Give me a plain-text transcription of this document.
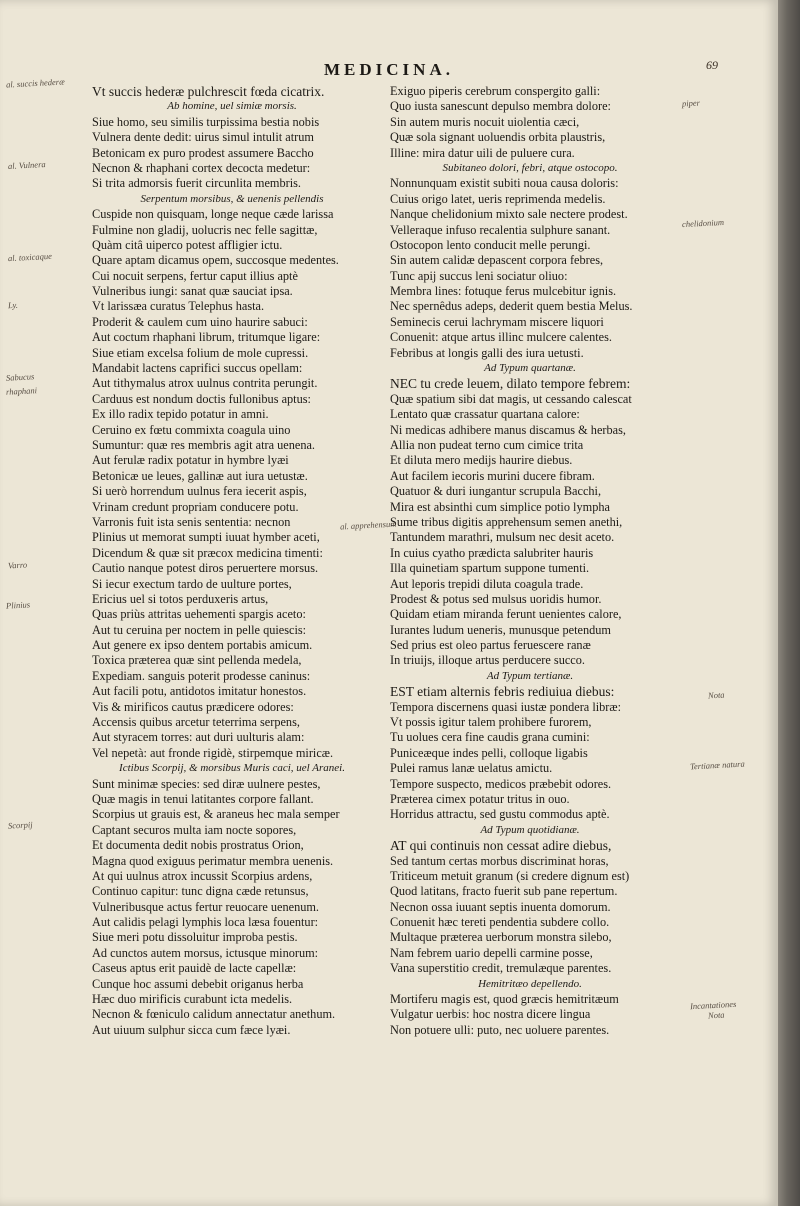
MEDICINA.	69
Vt succis hederæ pulchrescit fœda cicatrix.
Ab homine, uel simiæ morsis.
Siue homo, seu similis turpissima bestia nobis
Vulnera dente dedit: uirus simul intulit atrum
Betonicam ex puro prodest assumere Baccho
Necnon & rhaphani cortex decocta medetur:
Si trita admorsis fuerit circunlita membris.
Serpentum morsibus, & uenenis pellendis
Cuspide non quisquam, longe neque cæde larissa
Fulmine non gladij, uolucris nec felle sagittæ,
Quàm citâ uiperco potest affligier ictu.
Quare aptam dicamus opem, succosque medentes.
Cui nocuit serpens, fertur caput illius aptè
Vulneribus iungi: sanat quæ sauciat ipsa.
Vt larissæa curatus Telephus hasta.
Proderit & caulem cum uino haurire sabuci:
Aut coctum rhaphani librum, tritumque ligare:
Siue etiam excelsa folium de mole cupressi.
Mandabit lactens caprifici succus opellam:
Aut tithymalus atrox uulnus contrita perungit.
Carduus est nondum doctis fullonibus aptus:
Ex illo radix tepido potatur in amni.
Ceruino ex fœtu commixta coagula uino
Sumuntur: quæ res membris agit atra uenena.
Aut ferulæ radix potatur in hymbre lyæi
Betonicæ ue leues, gallinæ aut iura uetustæ.
Si uerò horrendum uulnus fera iecerit aspis,
Vrinam credunt propriam conducere potu.
Varronis fuit ista senis sententia: necnon
Plinius ut memorat sumpti iuuat hymber aceti,
Dicendum & quæ sit præcox medicina timenti:
Cautio nanque potest diros peruertere morsus.
Si iecur exectum tardo de uulture portes,
Ericius uel si totos perduxeris artus,
Quas priùs attritas uehementi spargis aceto:
Aut tu ceruina per noctem in pelle quiescis:
Aut genere ex ipso dentem portabis amicum.
Toxica præterea quæ sint pellenda medela,
Expediam. sanguis poterit prodesse caninus:
Aut facili potu, antidotos imitatur honestos.
Vis & mirificos cautus prædicere odores:
Accensis quibus arcetur teterrima serpens,
Aut styracem torres: aut duri uulturis alam:
Vel nepetà: aut fronde rigidè, stirpemque miricæ.
Ictibus Scorpij, & morsibus Muris caci, uel Aranei.
Sunt minimæ species: sed diræ uulnere pestes,
Quæ magis in tenui latitantes corpore fallant.
Scorpius ut grauis est, & araneus hec mala semper
Captant securos multa iam nocte sopores,
Et documenta dedit nobis prostratus Orion,
Magna quod exiguus perimatur membra uenenis.
At qui uulnus atrox incussit Scorpius ardens,
Continuo capitur: tunc digna cæde retunsus,
Vulneribusque actus fertur reuocare uenenum.
Aut calidis pelagi lymphis loca læsa fouentur:
Siue meri potu dissoluitur improba pestis.
Ad cunctos autem morsus, ictusque minorum:
Caseus aptus erit pauidè de lacte capellæ:
Cunque hoc assumi debebit origanus herba
Hæc duo mirificis curabunt icta medelis.
Necnon & fœniculo calidum annectatur anethum.
Aut uiuum sulphur sicca cum fæce lyæi.
Exiguo piperis cerebrum conspergito galli:
Quo iusta sanescunt depulso membra dolore:
Sin autem muris nocuit uiolentia cæci,
Quæ sola signant uoluendis orbita plaustris,
Illine: mira datur uili de puluere cura.
Subitaneo dolori, febri, atque ostocopo.
Nonnunquam existit subiti noua causa doloris:
Cuius origo latet, ueris reprimenda medelis.
Nanque chelidonium mixto sale nectere prodest.
Velleraque infuso recalentia sulphure sanant.
Ostocopon lento conducit melle perungi.
Sin autem calidæ depascent corpora febres,
Tunc apij succus leni sociatur oliuo:
Membra lines: fotuque ferus mulcebitur ignis.
Nec spernêdus adeps, dederit quem bestia Melus.
Seminecis cerui lachrymam miscere liquori
Conuenit: atque artus illinc mulcere calentes.
Febribus at longis galli des iura uetusti.
Ad Typum quartanæ.
NEC tu crede leuem, dilato tempore febrem:
Quæ spatium sibi dat magis, ut cessando calescat
Lentato quæ crassatur quartana calore:
Ni medicas adhibere manus discamus & herbas,
Allia non pudeat terno cum cimice trita
Et diluta mero medijs haurire diebus.
Aut facilem iecoris murini ducere fibram.
Quatuor & duri iungantur scrupula Bacchi,
Mira est absinthi cum simplice potio lympha
Sume tribus digitis apprehensum semen anethi,
Tantundem marathri, mulsum nec desit aceto.
In cuius cyatho prædicta salubriter hauris
Illa quinetiam spartum suppone tumenti.
Aut leporis trepidi diluta coagula trade.
Prodest & potus sed mulsus uoridis humor.
Quidam etiam miranda ferunt uenientes calore,
Iurantes ludum ueneris, munusque petendum
Sed prius est oleo partus feruescere ranæ
In triuijs, illoque artus perducere succo.
Ad Typum tertianæ.
EST etiam alternis febris rediuiua diebus:
Tempora discernens quasi iustæ pondera libræ:
Vt possis igitur talem prohibere furorem,
Tu uolues cera fine caudis grana cumini:
Puniceæque indes pelli, colloque ligabis
Pulei ramus lanæ uelatus amictu.
Tempore suspecto, medicos præbebit odores.
Præterea cimex potatur tritus in ouo.
Horridus attractu, sed gustu commodus aptè.
Ad Typum quotidianæ.
AT qui continuis non cessat adire diebus,
Sed tantum certas morbus discriminat horas,
Triticeum metuit granum (si credere dignum est)
Quod latitans, fracto fuerit sub pane repertum.
Necnon ossa iuuant septis inuenta domorum.
Conuenit hæc tereti pendentia subdere collo.
Multaque præterea uerborum monstra silebo,
Nam febrem uario depelli carmine posse,
Vana superstitio credit, tremulæque parentes.
Hemitritæo depellendo.
Mortiferu magis est, quod græcis hemitritæum
Vulgatur uerbis: hoc nostra dicere lingua
Non potuere ulli: puto, nec uoluere parentes.
al. succis hederæ
al. Vulnera
al. toxicaque
Ly.
Sabucus
rhaphani
Varro
Plinius
Scorpij
Nota
al. apprehensum
piper
chelidonium
Nota
Tertianæ natura
Incantationes
